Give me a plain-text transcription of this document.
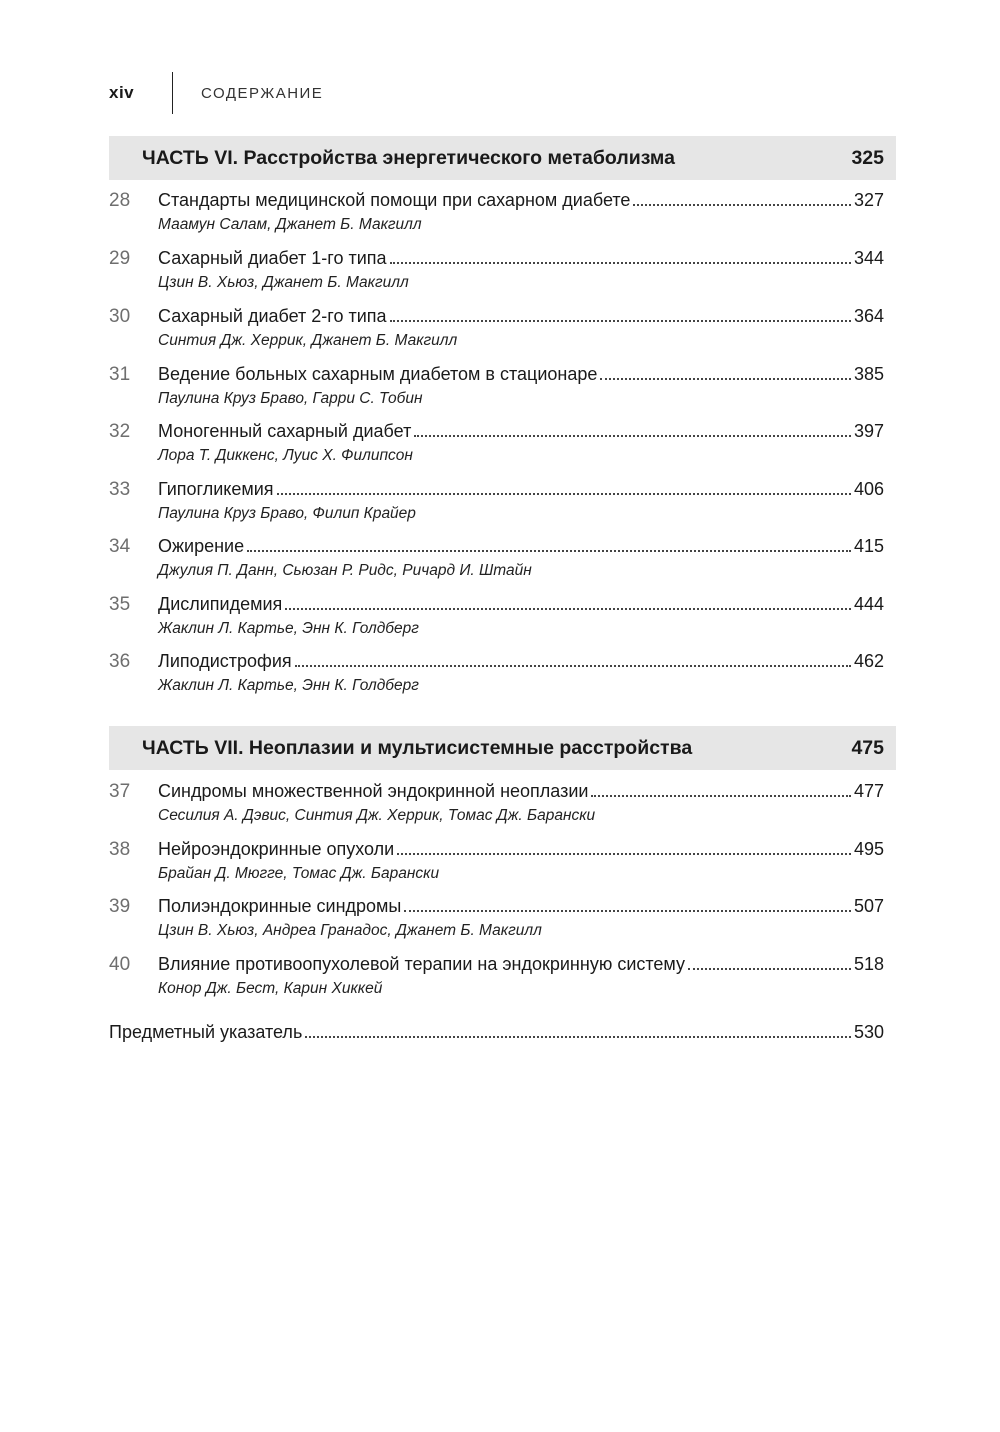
xiv	СОДЕРЖАНИЕ
ЧАСТЬ VI. Расстройства энергетического метаболизма	325
28	Стандарты медицинской помощи при сахарном диабете	327
Маамун Салам, Джанет Б. Макгилл
29	Сахарный диабет 1-го типа	344
Цзин В. Хьюз, Джанет Б. Макгилл
30	Сахарный диабет 2-го типа	364
Синтия Дж. Херрик, Джанет Б. Макгилл
31	Ведение больных сахарным диабетом в стационаре	385
Паулина Круз Браво, Гарри С. Тобин
32	Моногенный сахарный диабет	397
Лора Т. Диккенс, Луис Х. Филипсон
33	Гипогликемия	406
Паулина Круз Браво, Филип Крайер
34	Ожирение	415
Джулия П. Данн, Сьюзан Р. Ридс, Ричард И. Штайн
35	Дислипидемия	444
Жаклин Л. Картье, Энн К. Голдберг
36	Липодистрофия	462
Жаклин Л. Картье, Энн К. Голдберг
ЧАСТЬ VII. Неоплазии и мультисистемные расстройства	475
37	Синдромы множественной эндокринной неоплазии	477
Сесилия А. Дэвис, Синтия Дж. Херрик, Томас Дж. Барански
38	Нейроэндокринные опухоли	495
Брайан Д. Мюгге, Томас Дж. Барански
39	Полиэндокринные синдромы	507
Цзин В. Хьюз, Андреа Гранадос, Джанет Б. Макгилл
40	Влияние противоопухолевой терапии на эндокринную систему	518
Конор Дж. Бест, Карин Хиккей
Предметный указатель	530
